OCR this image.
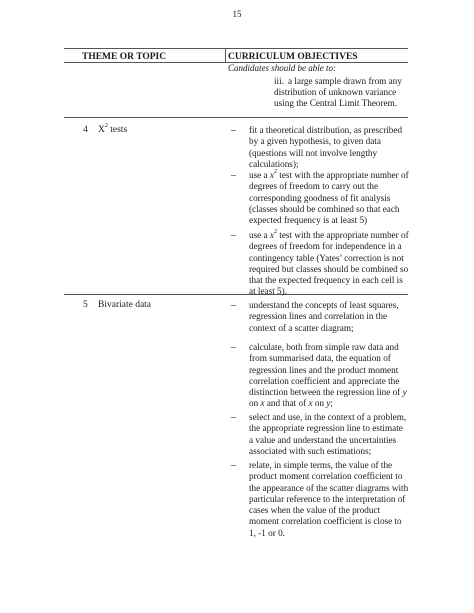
15
THEME OR TOPIC	CURRICULUM OBJECTIVES
Candidates should be able to:
iii. a large sample drawn from any distribution of unknown variance using the Central Limit Theorem.
4 $X^2$ tests	– fit a theoretical distribution, as prescribed by a given hypothesis, to given data (questions will not involve lengthy calculations);
– use a $x^2$ test with the appropriate number of degrees of freedom to carry out the corresponding goodness of fit analysis (classes should be combined so that each expected frequency is at least 5)
– use a $x^2$ test with the appropriate number of degrees of freedom for independence in a contingency table (Yates’ correction is not required but classes should be combined so that the expected frequency in each cell is at least 5).
5 Bivariate data	– understand the concepts of least squares, regression lines and correlation in the context of a scatter diagram;
– calculate, both from simple raw data and from summarised data, the equation of regression lines and the product moment correlation coefficient and appreciate the distinction between the regression line of y on x and that of x on y;
– select and use, in the context of a problem, the appropriate regression line to estimate a value and understand the uncertainties associated with such estimations;
– relate, in simple terms, the value of the product moment correlation coefficient to the appearance of the scatter diagrams with particular reference to the interpretation of cases when the value of the product moment correlation coefficient is close to 1, -1 or 0.
